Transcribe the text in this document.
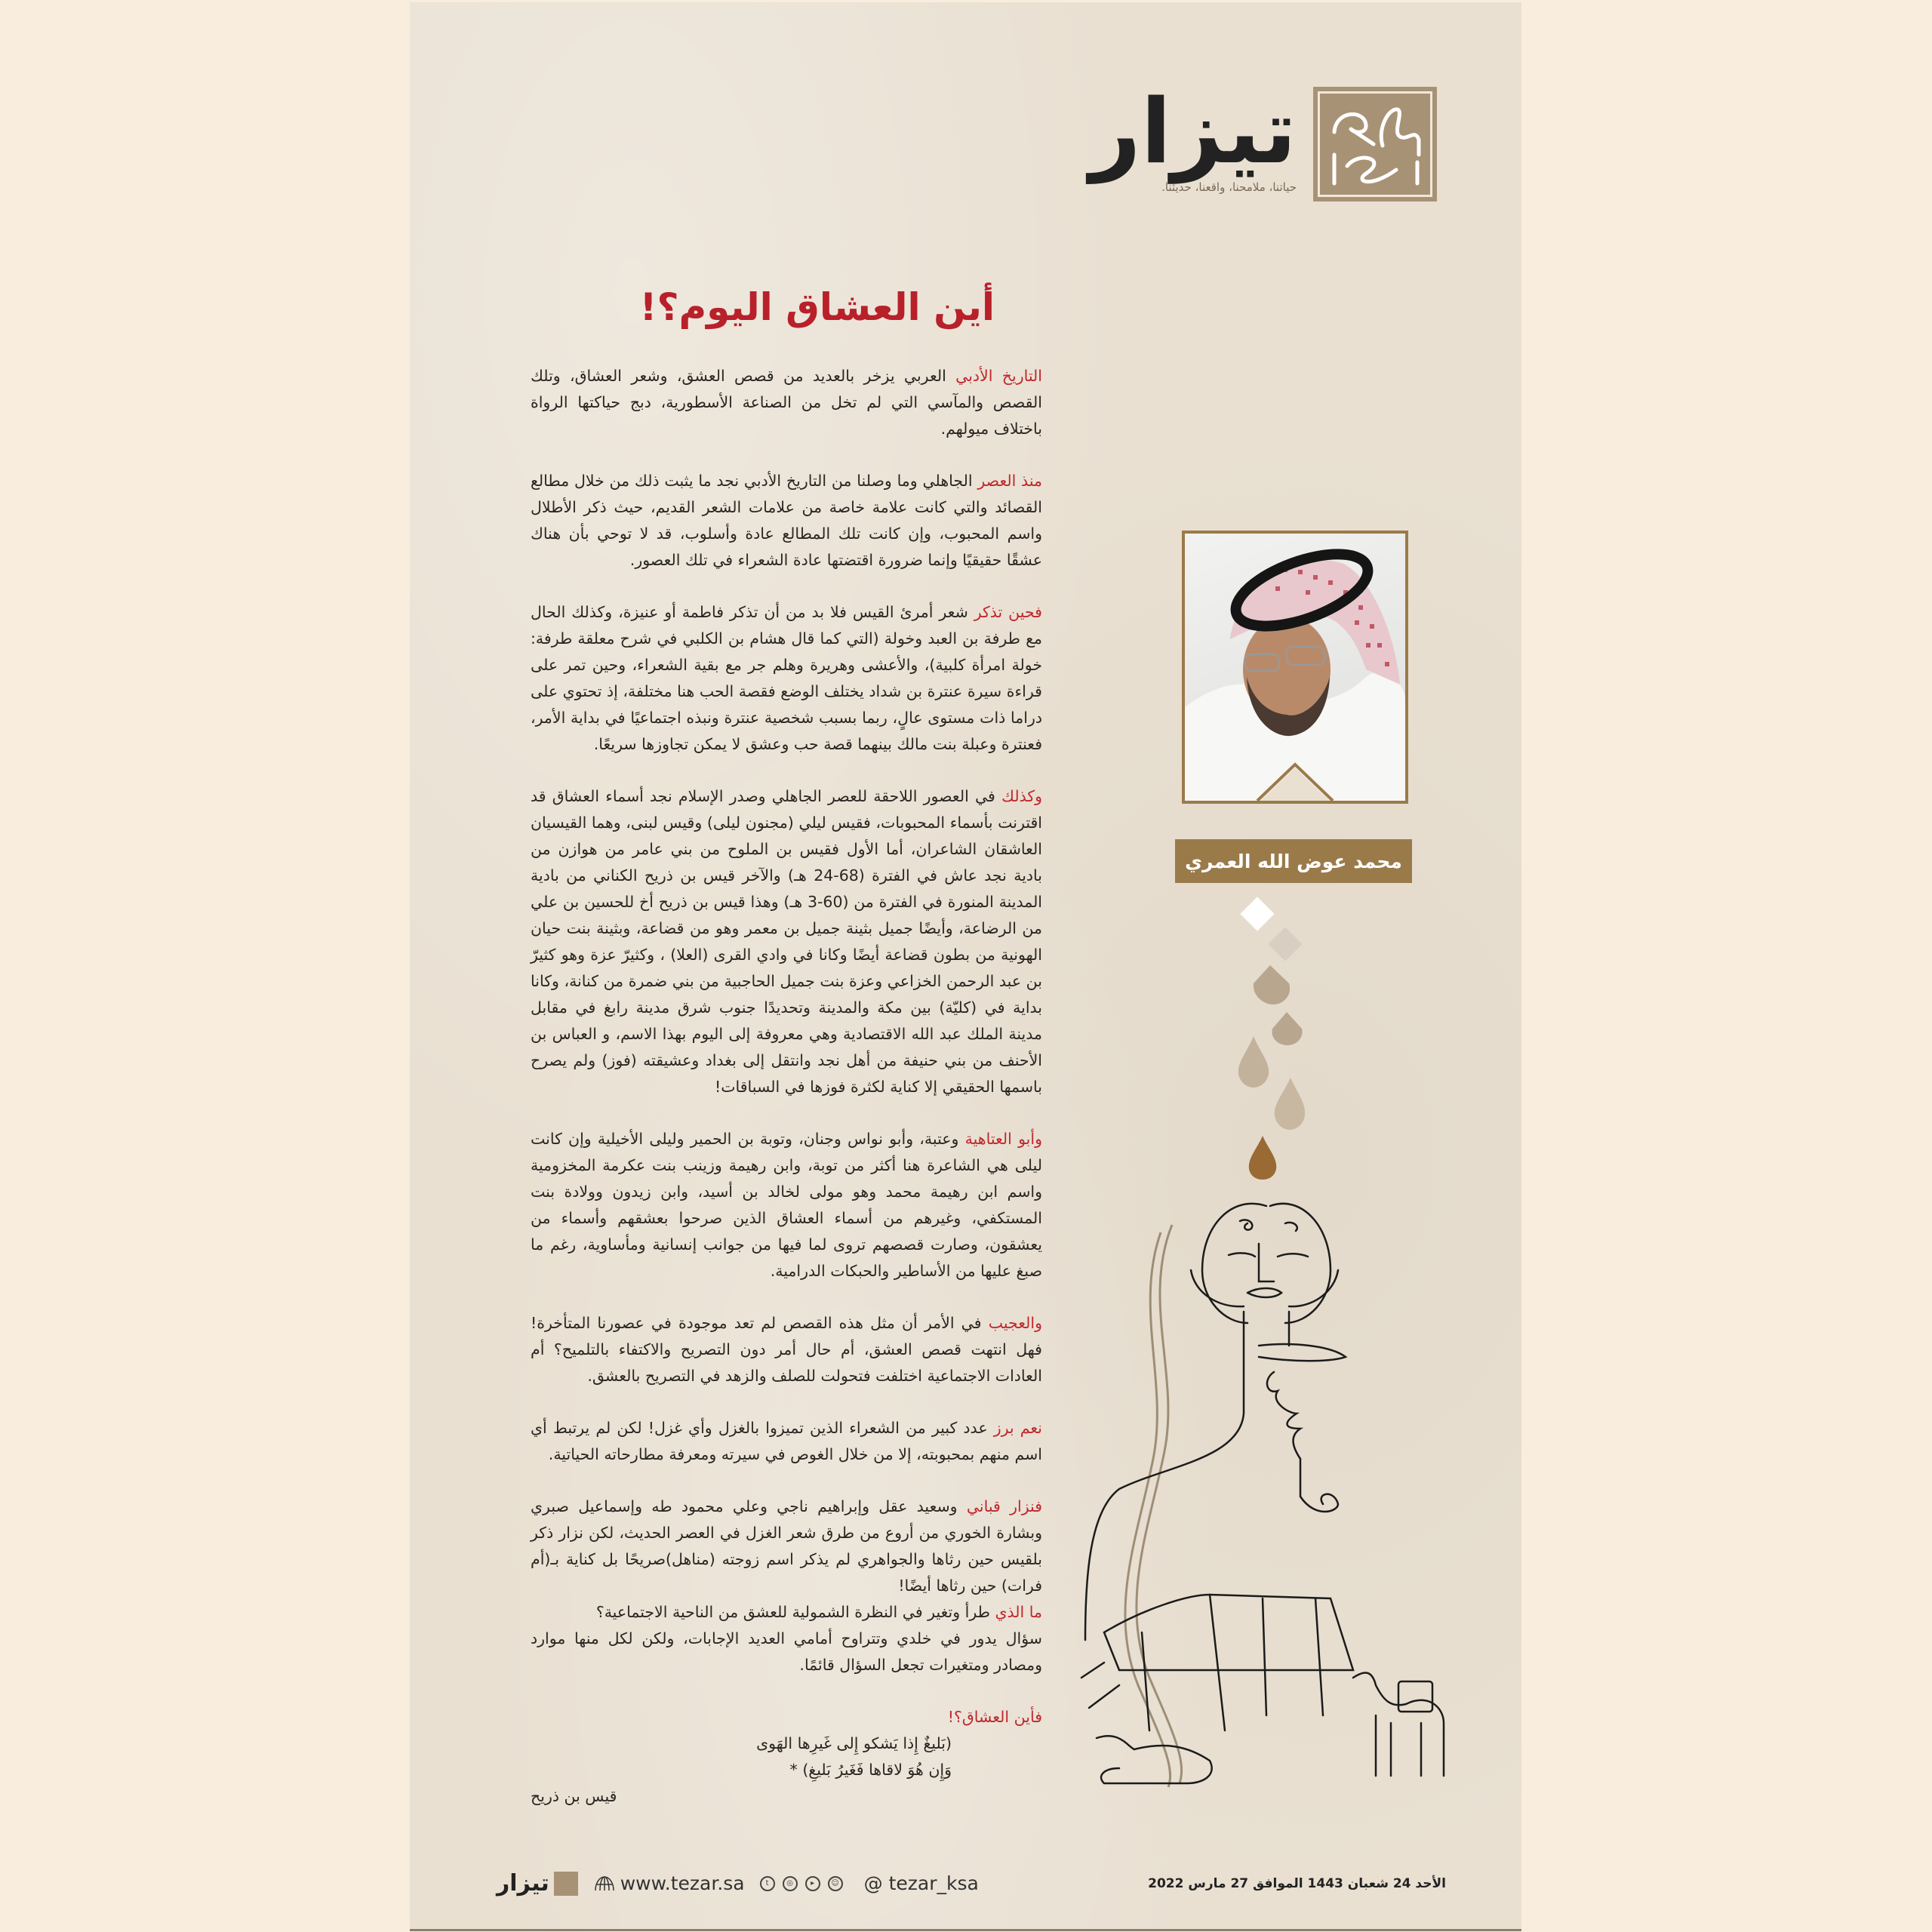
تيزار
حياتنا، ملامحنا، واقعنا، حديثنا.
أين العشاق اليوم؟!

التاريخ الأدبي العربي يزخر بالعديد من قصص العشق، وشعر العشاق، وتلك القصص والمآسي التي لم تخل من الصناعة الأسطورية، دبج حياكتها الرواة باختلاف ميولهم.

منذ العصر الجاهلي وما وصلنا من التاريخ الأدبي نجد ما يثبت ذلك من خلال مطالع القصائد والتي كانت علامة خاصة من علامات الشعر القديم، حيث ذكر الأطلال واسم المحبوب، وإن كانت تلك المطالع عادة وأسلوب، قد لا توحي بأن هناك عشقًا حقيقيًا وإنما ضرورة اقتضتها عادة الشعراء في تلك العصور.

فحين تذكر شعر أمرئ القيس فلا بد من أن تذكر فاطمة أو عنيزة، وكذلك الحال مع طرفة بن العبد وخولة (التي كما قال هشام بن الكلبي في شرح معلقة طرفة: خولة امرأة كلبية)، والأعشى وهريرة وهلم جر مع بقية الشعراء، وحين تمر على قراءة سيرة عنترة بن شداد يختلف الوضع فقصة الحب هنا مختلفة، إذ تحتوي على دراما ذات مستوى عالٍ، ربما بسبب شخصية عنترة ونبذه اجتماعيًا في بداية الأمر، فعنترة وعبلة بنت مالك بينهما قصة حب وعشق لا يمكن تجاوزها سريعًا.

وكذلك في العصور اللاحقة للعصر الجاهلي وصدر الإسلام نجد أسماء العشاق قد اقترنت بأسماء المحبوبات، فقيس ليلي (مجنون ليلى) وقيس لبنى، وهما القيسيان العاشقان الشاعران، أما الأول فقيس بن الملوح من بني عامر من هوازن من بادية نجد عاش في الفترة (68-24 هـ) والآخر قيس بن ذريح الكناني من بادية المدينة المنورة في الفترة من (60-3 هـ) وهذا قيس بن ذريح أخ للحسين بن علي من الرضاعة، وأيضًا جميل بثينة جميل بن معمر وهو من قضاعة، وبثينة بنت حيان الهونية من بطون قضاعة أيضًا وكانا في وادي القرى (العلا) ، وكثيرّ عزة وهو كثيرّ بن عبد الرحمن الخزاعي وعزة بنت جميل الحاجبية من بني ضمرة من كنانة، وكانا بداية في (كليّة) بين مكة والمدينة وتحديدًا جنوب شرق مدينة رابغ في مقابل مدينة الملك عبد الله الاقتصادية وهي معروفة إلى اليوم بهذا الاسم، و العباس بن الأحنف من بني حنيفة من أهل نجد وانتقل إلى بغداد وعشيقته (فوز) ولم يصرح باسمها الحقيقي إلا كناية لكثرة فوزها في السباقات!

وأبو العتاهية وعتبة، وأبو نواس وجنان، وتوبة بن الحمير وليلى الأخيلية وإن كانت ليلى هي الشاعرة هنا أكثر من توبة، وابن رهيمة وزينب بنت عكرمة المخزومية واسم ابن رهيمة محمد وهو مولى لخالد بن أسيد، وابن زيدون وولادة بنت المستكفي، وغيرهم من أسماء العشاق الذين صرحوا بعشقهم وأسماء من يعشقون، وصارت قصصهم تروى لما فيها من جوانب إنسانية ومأساوية، رغم ما صبغ عليها من الأساطير والحبكات الدرامية.

والعجيب في الأمر أن مثل هذه القصص لم تعد موجودة في عصورنا المتأخرة! فهل انتهت قصص العشق، أم حال أمر دون التصريح والاكتفاء بالتلميح؟ أم العادات الاجتماعية اختلفت فتحولت للصلف والزهد في التصريح بالعشق.

نعم برز عدد كبير من الشعراء الذين تميزوا بالغزل وأي غزل! لكن لم يرتبط أي اسم منهم بمحبوبته، إلا من خلال الغوص في سيرته ومعرفة مطارحاته الحياتية.

فنزار قباني وسعيد عقل وإبراهيم ناجي وعلي محمود طه وإسماعيل صبري وبشارة الخوري من أروع من طرق شعر الغزل في العصر الحديث، لكن نزار ذكر بلقيس حين رثاها والجواهري لم يذكر اسم زوجته (مناهل)صريحًا بل كناية بـ(أم فرات) حين رثاها أيضًا!

ما الذي طرأ وتغير في النظرة الشمولية للعشق من الناحية الاجتماعية؟

سؤال يدور في خلدي وتتراوح أمامي العديد الإجابات، ولكن لكل منها موارد ومصادر ومتغيرات تجعل السؤال قائمًا.

فأين العشاق؟!

(بَليغٌ إِذا يَشكو إِلى غَيرِها الهَوىوَإِن هُوَ لاقاها فَغَيرُ بَليغِ) *

قيس بن ذريح

محمد عوض الله العمري
تيزار	www.tezar.sa	t	◎	▸	☺ @ tezar_ksa	الأحد 24 شعبان 1443 الموافق 27 مارس 2022
